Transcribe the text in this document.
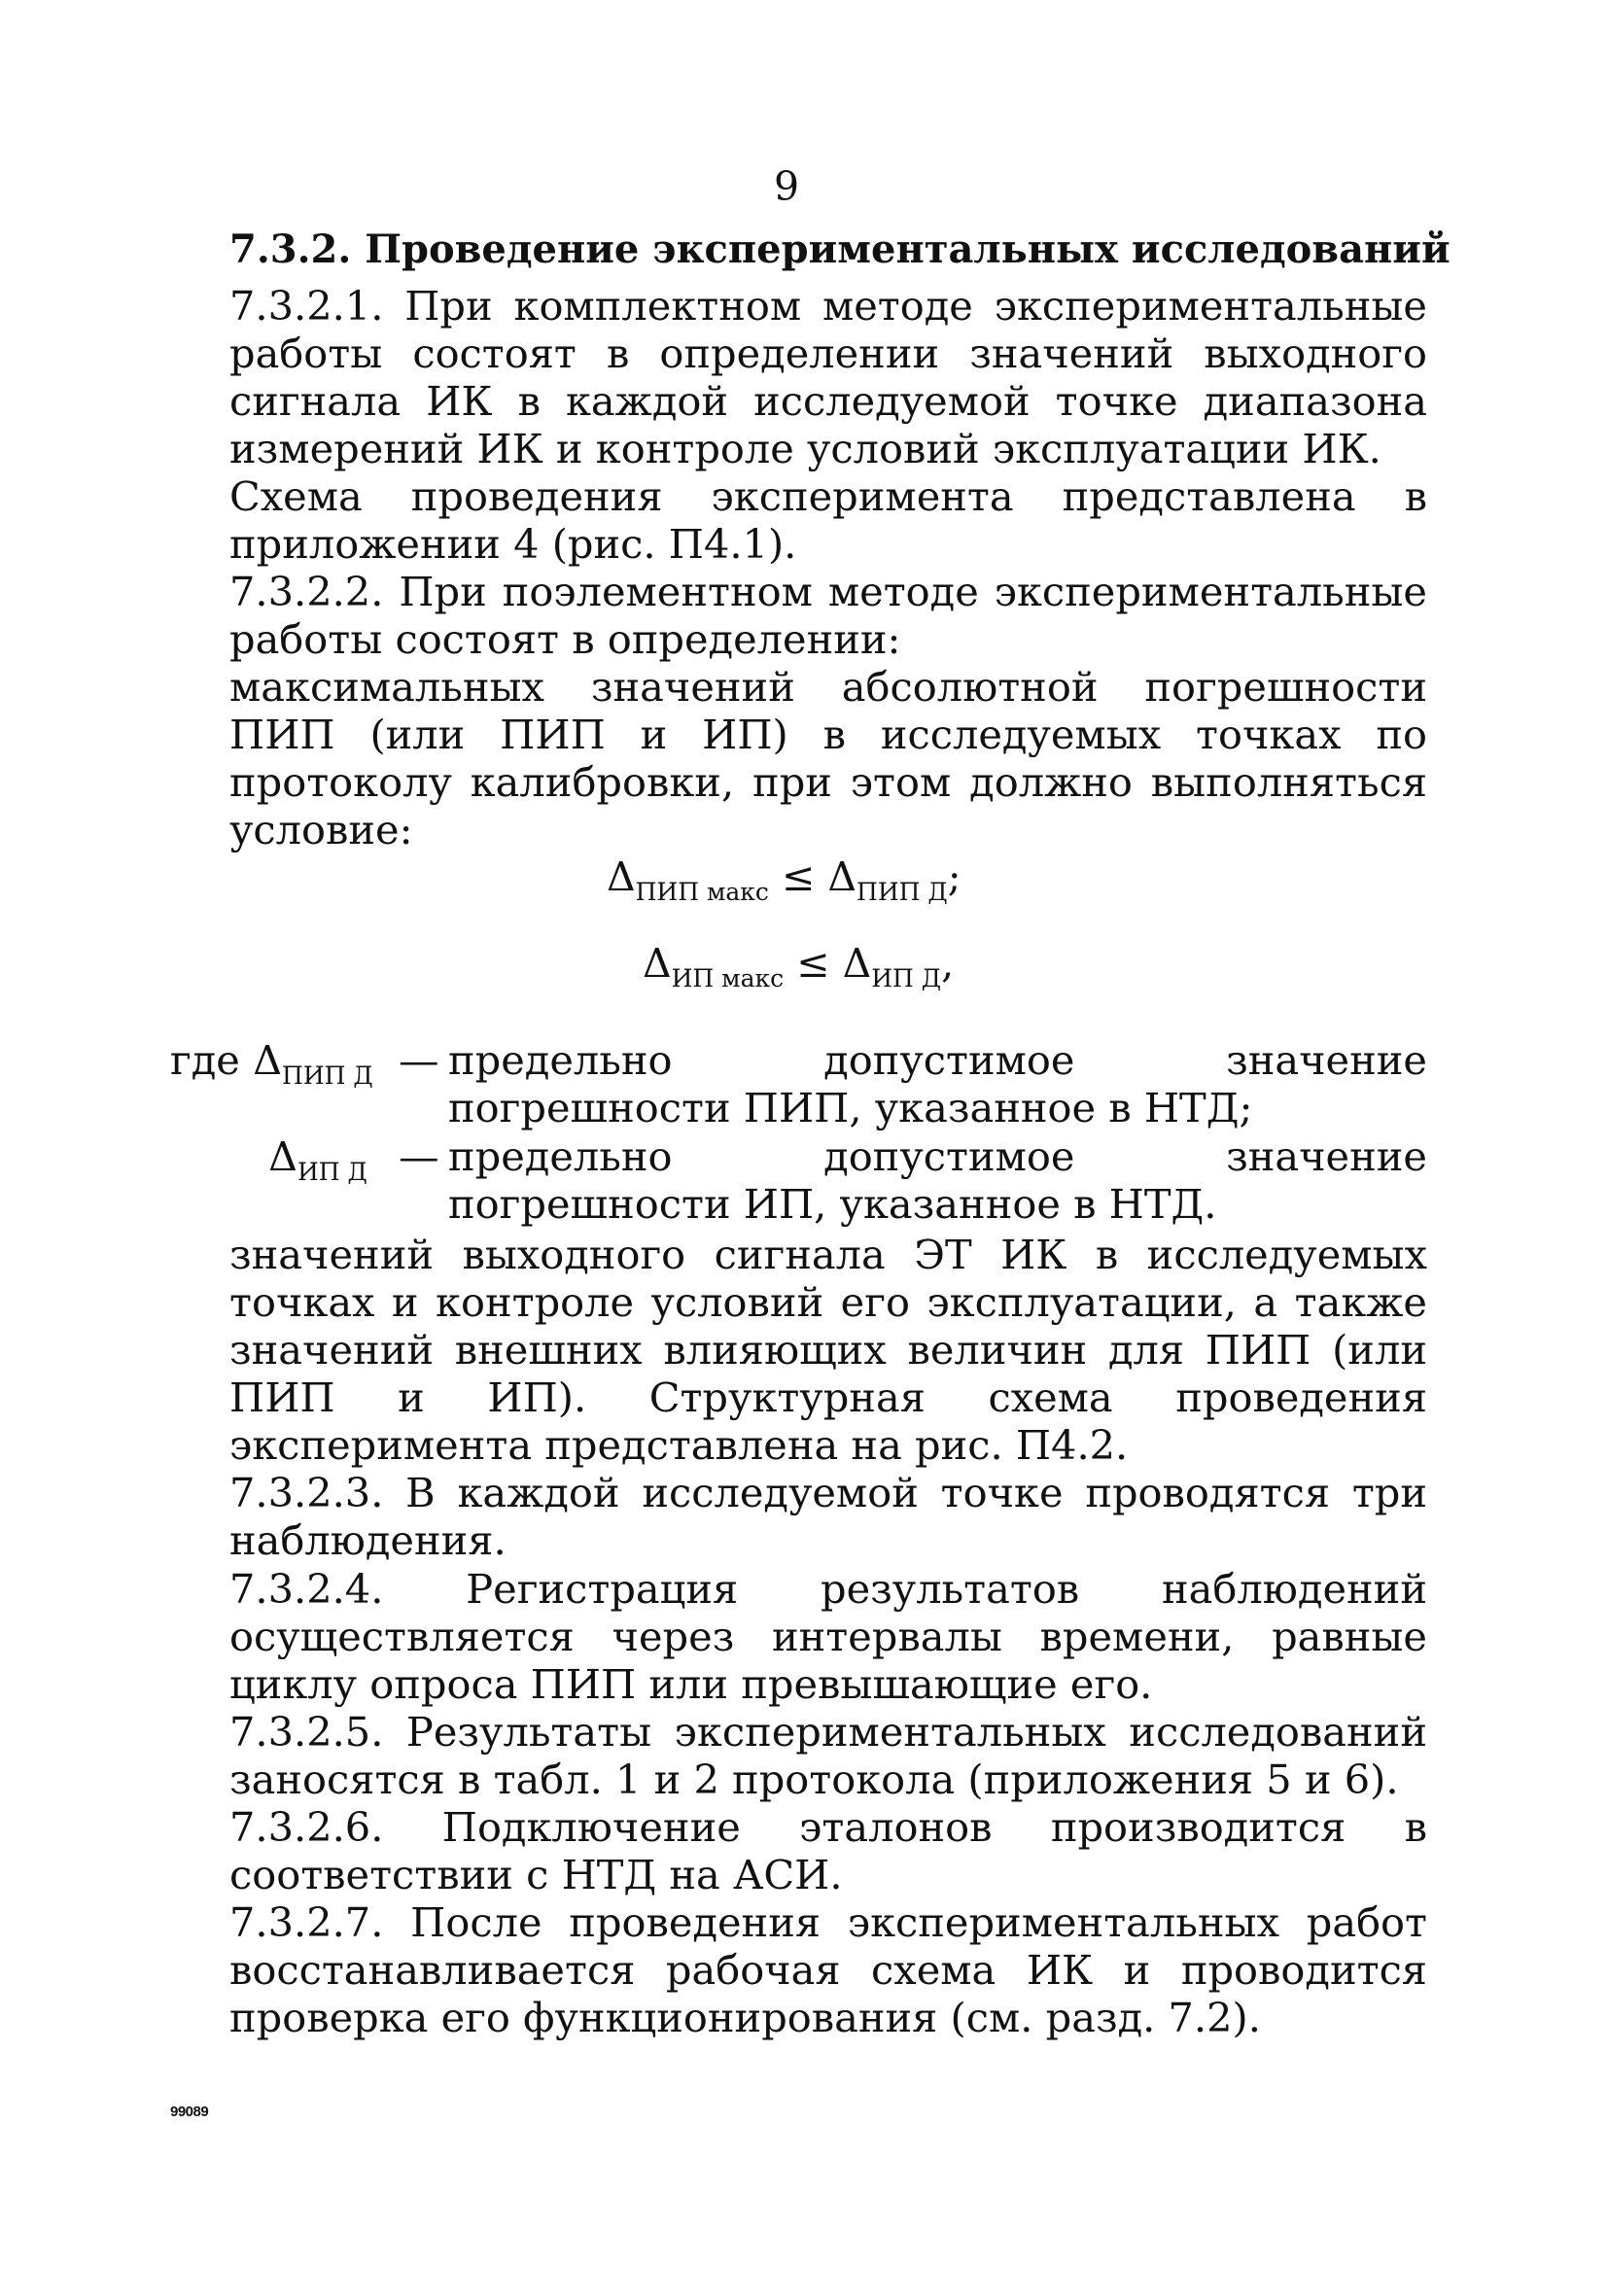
9
7.3.2. Проведение экспериментальных исследований
7.3.2.1. При комплектном методе экспериментальные работы состоят в определении значений выходного сигнала ИК в каждой исследуемой точке диапазона измерений ИК и контроле условий эксплуатации ИК.
Схема проведения эксперимента представлена в приложении 4 (рис. П4.1).
7.3.2.2. При поэлементном методе экспериментальные работы состоят в определении:
максимальных значений абсолютной погрешности ПИП (или ПИП и ИП) в исследуемых точках по протоколу калибровки, при этом должно выполняться условие:
$\Delta_{ПИП макс} \le \Delta_{ПИП Д}$;
$\Delta_{ИП макс} \le \Delta_{ИП Д}$,
где $\Delta_{ПИП Д}$ — предельно допустимое значение погрешности ПИП, указанное в НТД;
$\Delta_{ИП Д}$ — предельно допустимое значение погрешности ИП, указанное в НТД.
значений выходного сигнала ЭТ ИК в исследуемых точках и контроле условий его эксплуатации, а также значений внешних влияющих величин для ПИП (или ПИП и ИП). Структурная схема проведения эксперимента представлена на рис. П4.2.
7.3.2.3. В каждой исследуемой точке проводятся три наблюдения.
7.3.2.4. Регистрация результатов наблюдений осуществляется через интервалы времени, равные циклу опроса ПИП или превышающие его.
7.3.2.5. Результаты экспериментальных исследований заносятся в табл. 1 и 2 протокола (приложения 5 и 6).
7.3.2.6. Подключение эталонов производится в соответствии с НТД на АСИ.
7.3.2.7. После проведения экспериментальных работ восстанавливается рабочая схема ИК и проводится проверка его функционирования (см. разд. 7.2).
99089
